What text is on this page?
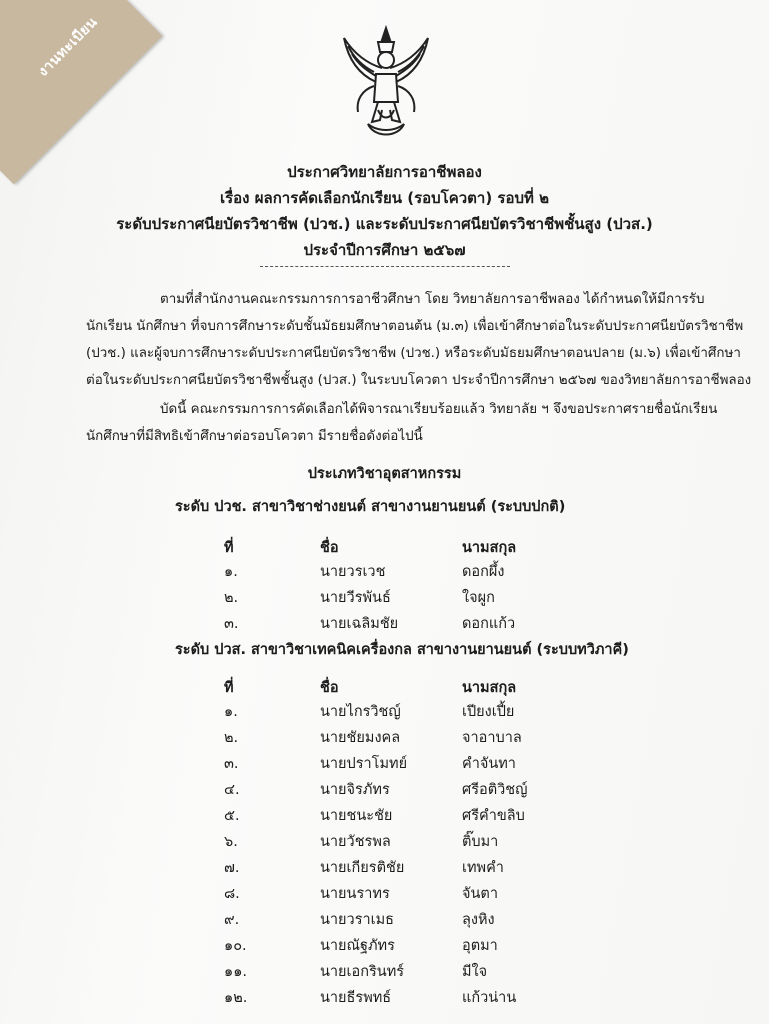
งานทะเบียน
ประกาศวิทยาลัยการอาชีพลอง
เรื่อง ผลการคัดเลือกนักเรียน (รอบโควตา) รอบที่ ๒
ระดับประกาศนียบัตรวิชาชีพ (ปวช.) และระดับประกาศนียบัตรวิชาชีพชั้นสูง (ปวส.)
ประจำปีการศึกษา ๒๕๖๗
ตามที่สำนักงานคณะกรรมการการอาชีวศึกษา โดย วิทยาลัยการอาชีพลอง ได้กำหนดให้มีการรับ
นักเรียน นักศึกษา ที่จบการศึกษาระดับชั้นมัธยมศึกษาตอนต้น (ม.๓) เพื่อเข้าศึกษาต่อในระดับประกาศนียบัตรวิชาชีพ
(ปวช.) และผู้จบการศึกษาระดับประกาศนียบัตรวิชาชีพ (ปวช.) หรือระดับมัธยมศึกษาตอนปลาย (ม.๖) เพื่อเข้าศึกษา
ต่อในระดับประกาศนียบัตรวิชาชีพชั้นสูง (ปวส.) ในระบบโควตา ประจำปีการศึกษา ๒๕๖๗ ของวิทยาลัยการอาชีพลอง
บัดนี้ คณะกรรมการการคัดเลือกได้พิจารณาเรียบร้อยแล้ว วิทยาลัย ฯ จึงขอประกาศรายชื่อนักเรียน
นักศึกษาที่มีสิทธิเข้าศึกษาต่อรอบโควตา มีรายชื่อดังต่อไปนี้
ประเภทวิชาอุตสาหกรรม
ระดับ ปวช. สาขาวิชาช่างยนต์ สาขางานยานยนต์ (ระบบปกติ)
ที่	ชื่อ	นามสกุล
๑.	นายวรเวช	ดอกผึ้ง
๒.	นายวีรพันธ์	ใจผูก
๓.	นายเฉลิมชัย	ดอกแก้ว
ระดับ ปวส. สาขาวิชาเทคนิคเครื่องกล สาขางานยานยนต์ (ระบบทวิภาคี)
ที่	ชื่อ	นามสกุล
๑.	นายไกรวิชญ์	เปียงเปี้ย
๒.	นายชัยมงคล	จาอาบาล
๓.	นายปราโมทย์	คำจันทา
๔.	นายจิรภัทร	ศรีอติวิชญ์
๕.	นายชนะชัย	ศรีคำขลิบ
๖.	นายวัชรพล	ติ๊บมา
๗.	นายเกียรติชัย	เทพคำ
๘.	นายนราทร	จันตา
๙.	นายวราเมธ	ลุงหิง
๑๐.	นายณัฐภัทร	อุตมา
๑๑.	นายเอกรินทร์	มีใจ
๑๒.	นายธีรพทธ์	แก้วน่าน
